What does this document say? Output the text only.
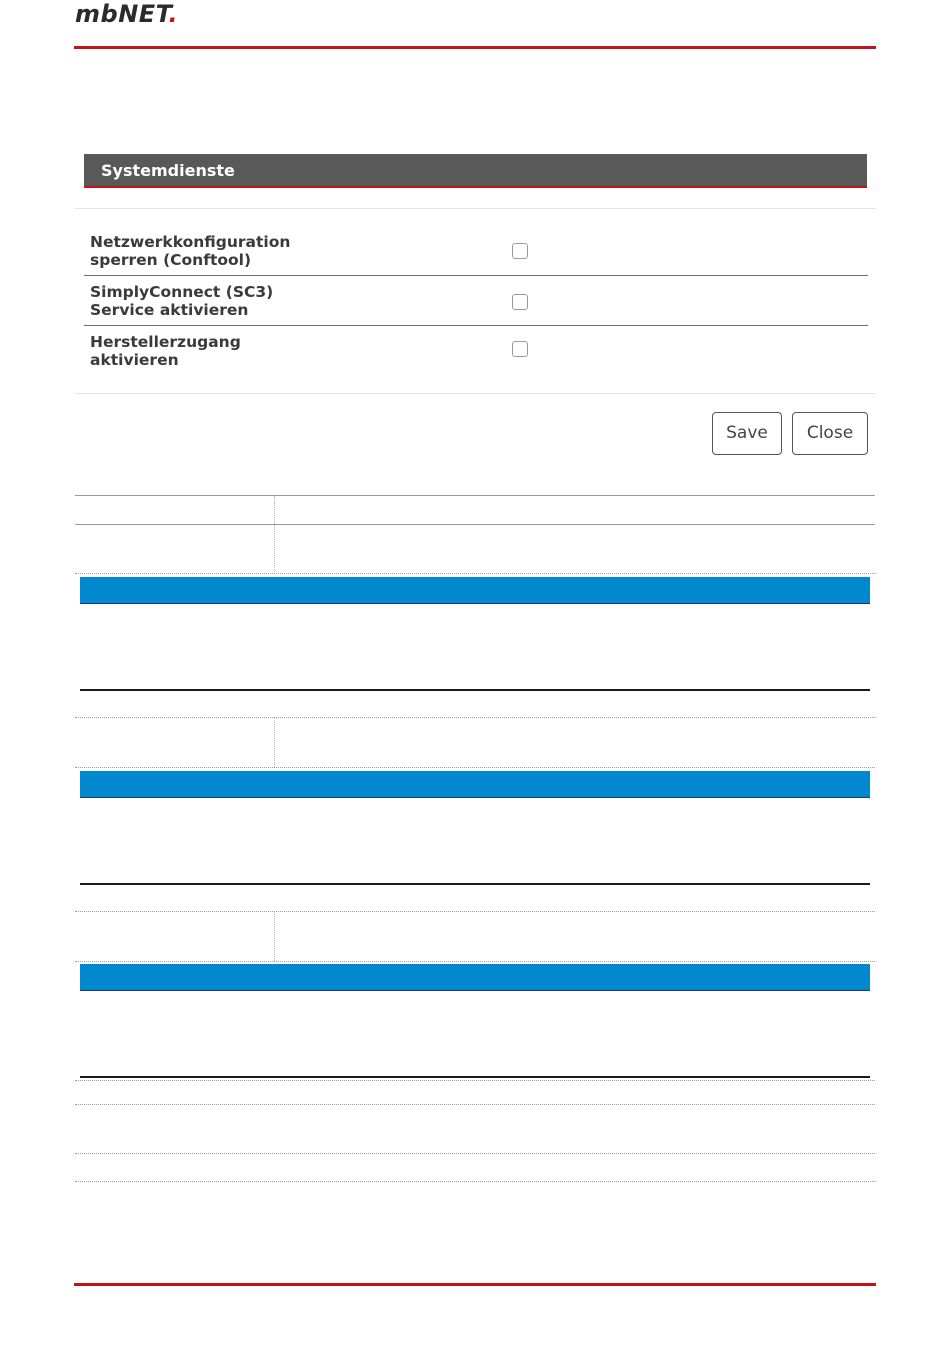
mbNET.
Systemdienste
Netzwerkkonfiguration
sperren (Conftool)
SimplyConnect (SC3)
Service aktivieren
Herstellerzugang
aktivieren
Save	Close
